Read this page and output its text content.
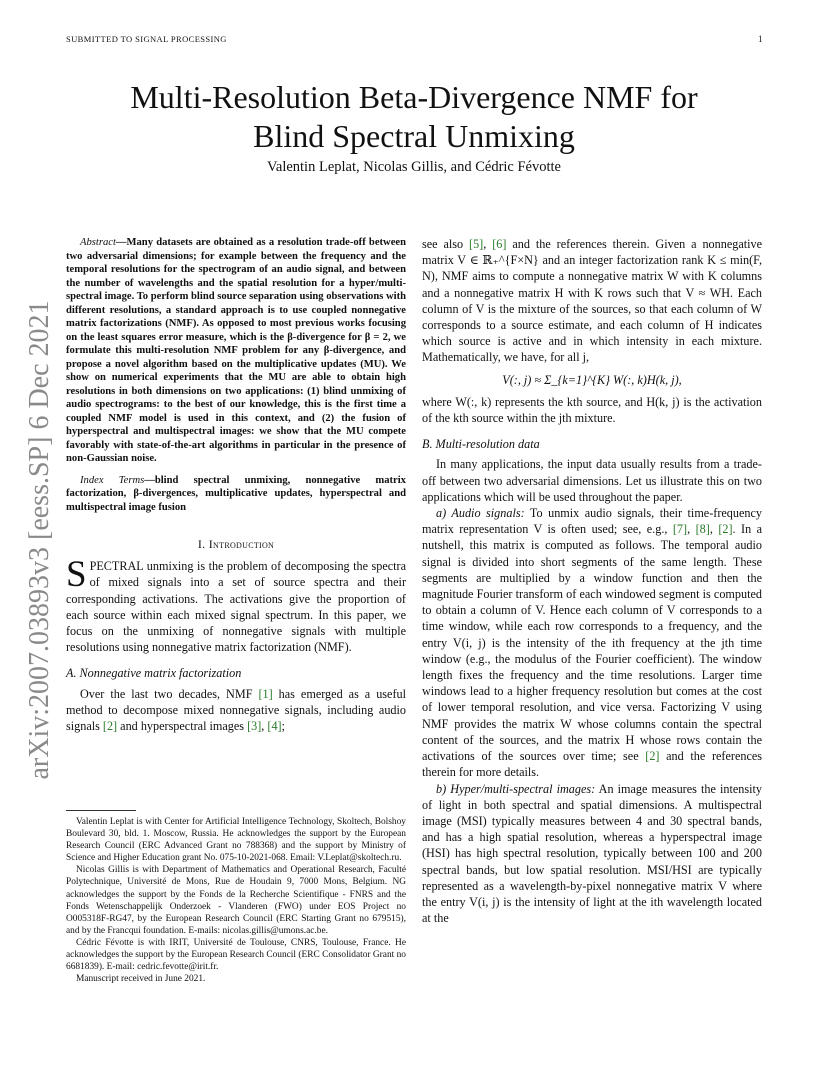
SUBMITTED TO SIGNAL PROCESSING	1
arXiv:2007.03893v3 [eess.SP] 6 Dec 2021
Multi-Resolution Beta-Divergence NMF for
Blind Spectral Unmixing
Valentin Leplat, Nicolas Gillis, and Cédric Févotte

Abstract—Many datasets are obtained as a resolution trade-off between two adversarial dimensions; for example between the frequency and the temporal resolutions for the spectrogram of an audio signal, and between the number of wavelengths and the spatial resolution for a hyper/multi-spectral image. To perform blind source separation using observations with different resolutions, a standard approach is to use coupled nonnegative matrix factorizations (NMF). As opposed to most previous works focusing on the least squares error measure, which is the β-divergence for β = 2, we formulate this multi-resolution NMF problem for any β-divergence, and propose a novel algorithm based on the multiplicative updates (MU). We show on numerical experiments that the MU are able to obtain high resolutions in both dimensions on two applications: (1) blind unmixing of audio spectrograms: to the best of our knowledge, this is the first time a coupled NMF model is used in this context, and (2) the fusion of hyperspectral and multispectral images: we show that the MU compete favorably with state-of-the-art algorithms in particular in the presence of non-Gaussian noise.

Index Terms—blind spectral unmixing, nonnegative matrix factorization, β-divergences, multiplicative updates, hyperspectral and multispectral image fusion

I. Introduction

SPECTRAL unmixing is the problem of decomposing the spectra of mixed signals into a set of source spectra and their corresponding activations. The activations give the proportion of each source within each mixed signal spectrum. In this paper, we focus on the unmixing of nonnegative signals with multiple resolutions using nonnegative matrix factorization (NMF).

A. Nonnegative matrix factorization

Over the last two decades, NMF [1] has emerged as a useful method to decompose mixed nonnegative signals, including audio signals [2] and hyperspectral images [3], [4];

Valentin Leplat is with Center for Artificial Intelligence Technology, Skoltech, Bolshoy Boulevard 30, bld. 1. Moscow, Russia. He acknowledges the support by the European Research Council (ERC Advanced Grant no 788368) and the support by Ministry of Science and Higher Education grant No. 075-10-2021-068. Email: V.Leplat@skoltech.ru.

Nicolas Gillis is with Department of Mathematics and Operational Research, Faculté Polytechnique, Université de Mons, Rue de Houdain 9, 7000 Mons, Belgium. NG acknowledges the support by the Fonds de la Recherche Scientifique - FNRS and the Fonds Wetenschappelijk Onderzoek - Vlanderen (FWO) under EOS Project no O005318F-RG47, by the European Research Council (ERC Starting Grant no 679515), and by the Francqui foundation. E-mails: nicolas.gillis@umons.ac.be.

Cédric Févotte is with IRIT, Université de Toulouse, CNRS, Toulouse, France. He acknowledges the support by the European Research Council (ERC Consolidator Grant no 6681839). E-mail: cedric.fevotte@irit.fr.

Manuscript received in June 2021.

see also [5], [6] and the references therein. Given a nonnegative matrix V ∈ ℝ₊^{F×N} and an integer factorization rank K ≤ min(F, N), NMF aims to compute a nonnegative matrix W with K columns and a nonnegative matrix H with K rows such that V ≈ WH. Each column of V is the mixture of the sources, so that each column of W corresponds to a source estimate, and each column of H indicates which source is active and in which intensity in each mixture. Mathematically, we have, for all j,

V(:, j) ≈ Σ_{k=1}^{K} W(:, k)H(k, j),

where W(:, k) represents the kth source, and H(k, j) is the activation of the kth source within the jth mixture.

B. Multi-resolution data

In many applications, the input data usually results from a trade-off between two adversarial dimensions. Let us illustrate this on two applications which will be used throughout the paper.

a) Audio signals: To unmix audio signals, their time-frequency matrix representation V is often used; see, e.g., [7], [8], [2]. In a nutshell, this matrix is computed as follows. The temporal audio signal is divided into short segments of the same length. These segments are multiplied by a window function and then the magnitude Fourier transform of each windowed segment is computed to obtain a column of V. Hence each column of V corresponds to a time window, while each row corresponds to a frequency, and the entry V(i, j) is the intensity of the ith frequency at the jth time window (e.g., the modulus of the Fourier coefficient). The window length fixes the frequency and the time resolutions. Larger time windows lead to a higher frequency resolution but comes at the cost of lower temporal resolution, and vice versa. Factorizing V using NMF provides the matrix W whose columns contain the spectral content of the sources, and the matrix H whose rows contain the activations of the sources over time; see [2] and the references therein for more details.

b) Hyper/multi-spectral images: An image measures the intensity of light in both spectral and spatial dimensions. A multispectral image (MSI) typically measures between 4 and 30 spectral bands, and has a high spatial resolution, whereas a hyperspectral image (HSI) has high spectral resolution, typically between 100 and 200 spectral bands, but low spatial resolution. MSI/HSI are typically represented as a wavelength-by-pixel nonnegative matrix V where the entry V(i, j) is the intensity of light at the ith wavelength located at the
